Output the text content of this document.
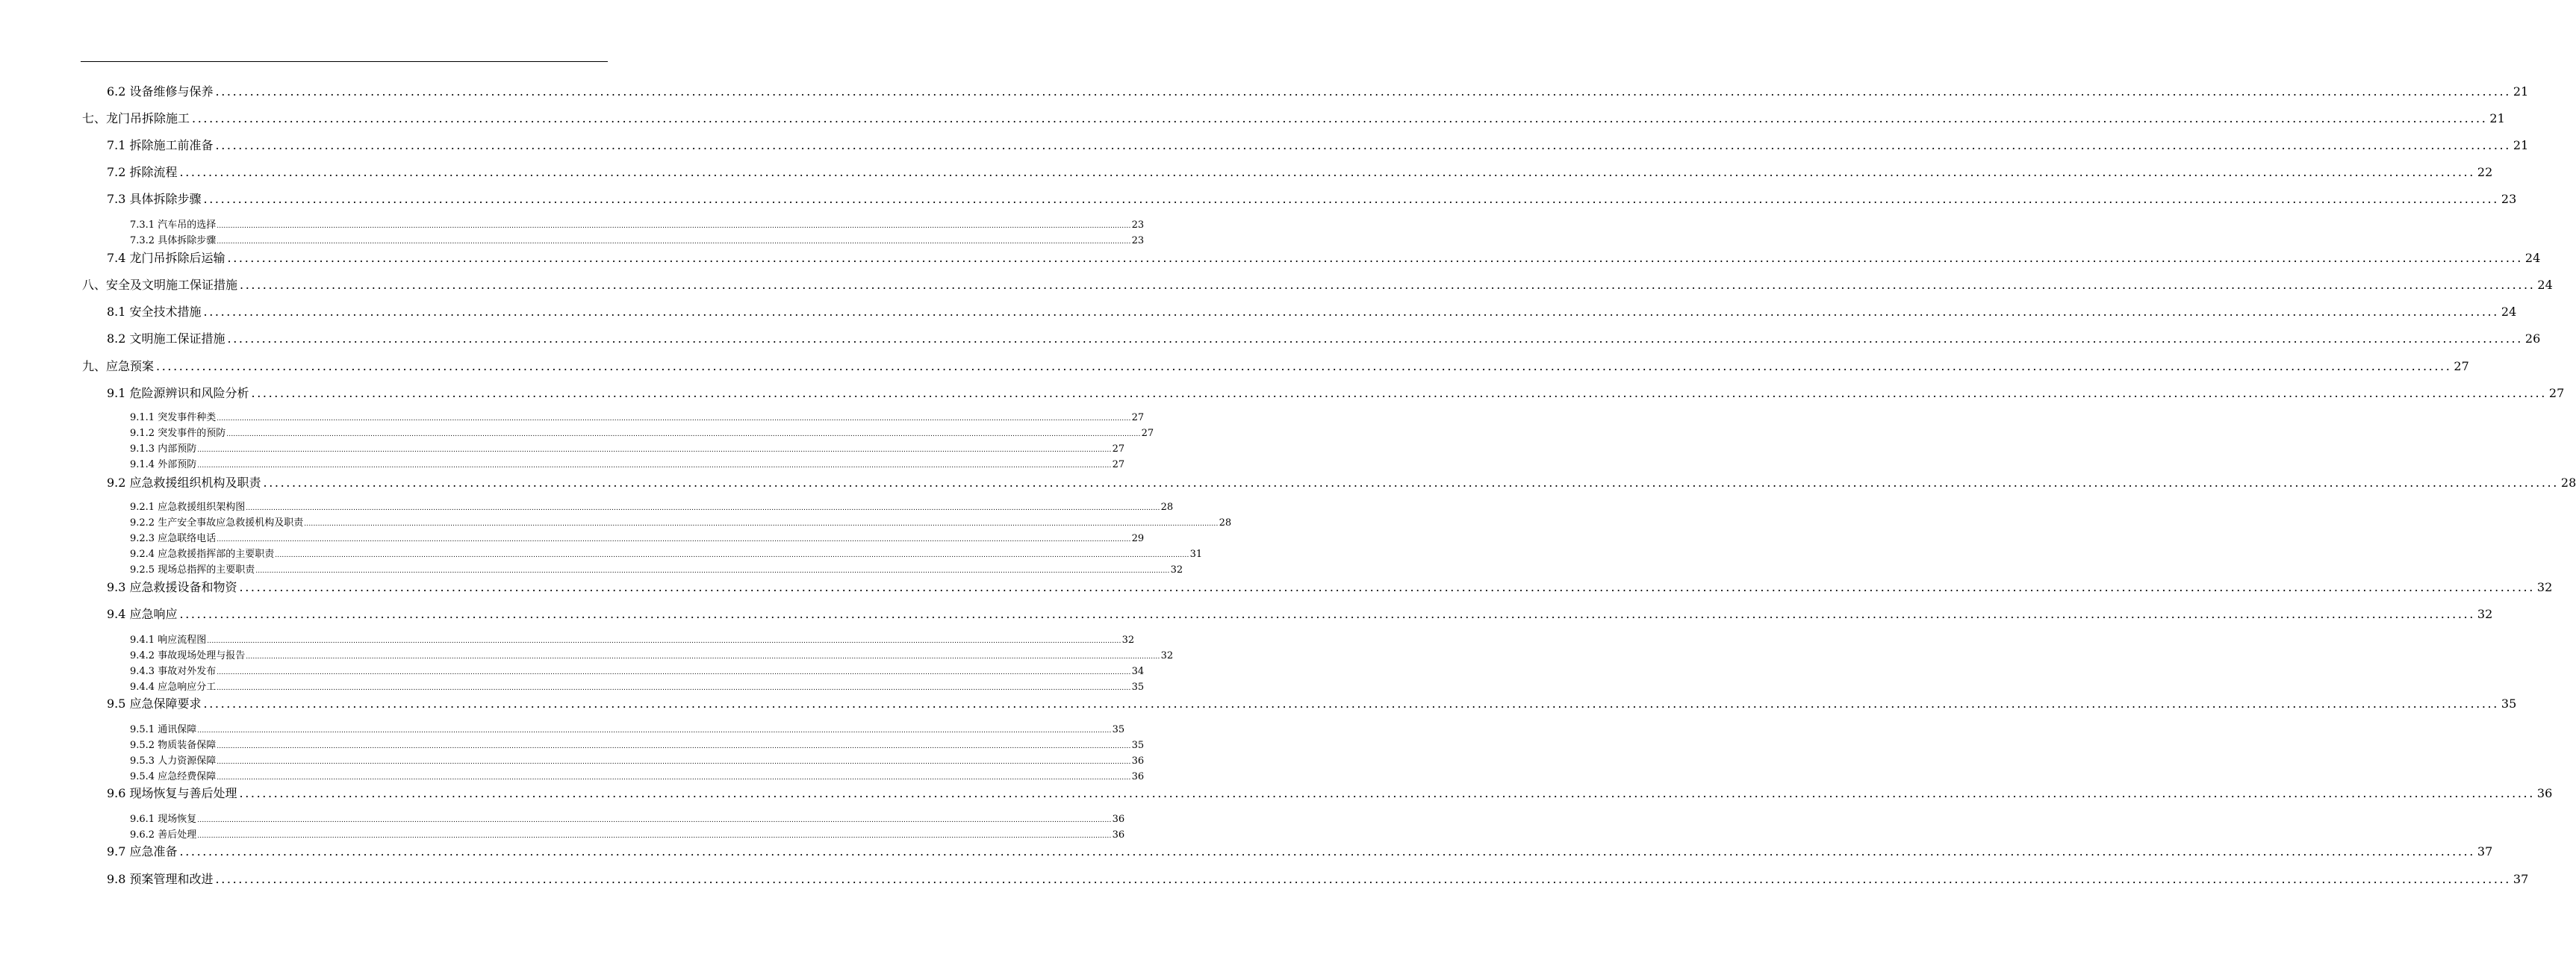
6.2 设备维修与保养 ................................................................................................................................................................................................................................................................................................................................................................................................................ 21
七、龙门吊拆除施工 ................................................................................................................................................................................................................................................................................................................................................................................................................ 21
7.1 拆除施工前准备 ................................................................................................................................................................................................................................................................................................................................................................................................................ 21
7.2 拆除流程 ................................................................................................................................................................................................................................................................................................................................................................................................................ 22
7.3 具体拆除步骤 ................................................................................................................................................................................................................................................................................................................................................................................................................ 23
7.3.1 汽车吊的选择 ................................................................................................................................................................................................................................................................................................................................................................................................................ 23
7.3.2 具体拆除步骤 ................................................................................................................................................................................................................................................................................................................................................................................................................ 23
7.4 龙门吊拆除后运输 ................................................................................................................................................................................................................................................................................................................................................................................................................ 24
八、安全及文明施工保证措施 ................................................................................................................................................................................................................................................................................................................................................................................................................ 24
8.1 安全技术措施 ................................................................................................................................................................................................................................................................................................................................................................................................................ 24
8.2 文明施工保证措施 ................................................................................................................................................................................................................................................................................................................................................................................................................ 26
九、应急预案 ................................................................................................................................................................................................................................................................................................................................................................................................................ 27
9.1 危险源辨识和风险分析 ................................................................................................................................................................................................................................................................................................................................................................................................................ 27
9.1.1 突发事件种类 ................................................................................................................................................................................................................................................................................................................................................................................................................ 27
9.1.2 突发事件的预防 ................................................................................................................................................................................................................................................................................................................................................................................................................ 27
9.1.3 内部预防 ................................................................................................................................................................................................................................................................................................................................................................................................................ 27
9.1.4 外部预防 ................................................................................................................................................................................................................................................................................................................................................................................................................ 27
9.2 应急救援组织机构及职责 ................................................................................................................................................................................................................................................................................................................................................................................................................ 28
9.2.1 应急救援组织架构图 ................................................................................................................................................................................................................................................................................................................................................................................................................ 28
9.2.2 生产安全事故应急救援机构及职责 ................................................................................................................................................................................................................................................................................................................................................................................................................ 28
9.2.3 应急联络电话 ................................................................................................................................................................................................................................................................................................................................................................................................................ 29
9.2.4 应急救援指挥部的主要职责 ................................................................................................................................................................................................................................................................................................................................................................................................................ 31
9.2.5 现场总指挥的主要职责 ................................................................................................................................................................................................................................................................................................................................................................................................................ 32
9.3 应急救援设备和物资 ................................................................................................................................................................................................................................................................................................................................................................................................................ 32
9.4 应急响应 ................................................................................................................................................................................................................................................................................................................................................................................................................ 32
9.4.1 响应流程图 ................................................................................................................................................................................................................................................................................................................................................................................................................ 32
9.4.2 事故现场处理与报告 ................................................................................................................................................................................................................................................................................................................................................................................................................ 32
9.4.3 事故对外发布 ................................................................................................................................................................................................................................................................................................................................................................................................................ 34
9.4.4 应急响应分工 ................................................................................................................................................................................................................................................................................................................................................................................................................ 35
9.5 应急保障要求 ................................................................................................................................................................................................................................................................................................................................................................................................................ 35
9.5.1 通讯保障 ................................................................................................................................................................................................................................................................................................................................................................................................................ 35
9.5.2 物质装备保障 ................................................................................................................................................................................................................................................................................................................................................................................................................ 35
9.5.3 人力资源保障 ................................................................................................................................................................................................................................................................................................................................................................................................................ 36
9.5.4 应急经费保障 ................................................................................................................................................................................................................................................................................................................................................................................................................ 36
9.6 现场恢复与善后处理 ................................................................................................................................................................................................................................................................................................................................................................................................................ 36
9.6.1 现场恢复 ................................................................................................................................................................................................................................................................................................................................................................................................................ 36
9.6.2 善后处理 ................................................................................................................................................................................................................................................................................................................................................................................................................ 36
9.7 应急准备 ................................................................................................................................................................................................................................................................................................................................................................................................................ 37
9.8 预案管理和改进 ................................................................................................................................................................................................................................................................................................................................................................................................................ 37
